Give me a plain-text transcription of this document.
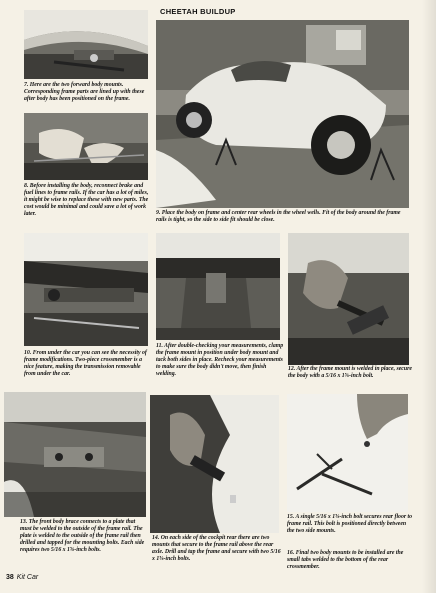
CHEETAH BUILDUP
7. Here are the two forward body mounts. Corresponding frame parts are lined up with these after body has been positioned on the frame.
8. Before installing the body, reconnect brake and fuel lines to frame rails. If the car has a lot of miles, it might be wise to replace these with new parts. The cost would be minimal and could save a lot of work later.	9. Place the body on frame and center rear wheels in the wheel wells. Fit of the body around the frame rails is tight, so the side to side fit should be close.
10. From under the car you can see the necessity of frame modifications. Two-piece crossmember is a nice feature, making the transmission removable from under the car.
11. After double-checking your measurements, clamp the frame mount in position under body mount and tack both sides in place. Recheck your measurements to make sure the body didn't move, then finish welding.
12. After the frame mount is welded in place, secure the body with a 5/16 x 1⅝-inch bolt.
13. The front body brace connects to a plate that must be welded to the outside of the frame rail. The plate is welded to the outside of the frame rail then drilled and tapped for the mounting bolts. Each side requires two 5/16 x 1⅝-inch bolts.
14. On each side of the cockpit rear there are two mounts that secure to the frame rail above the rear axle. Drill and tap the frame and secure with two 5/16 x 1⅝-inch bolts.
15. A single 5/16 x 1⅝-inch bolt secures rear floor to frame rail. This bolt is positioned directly between the two side mounts.
16. Final two body mounts to be installed are the small tabs welded to the bottom of the rear crossmember.
38 Kit Car
